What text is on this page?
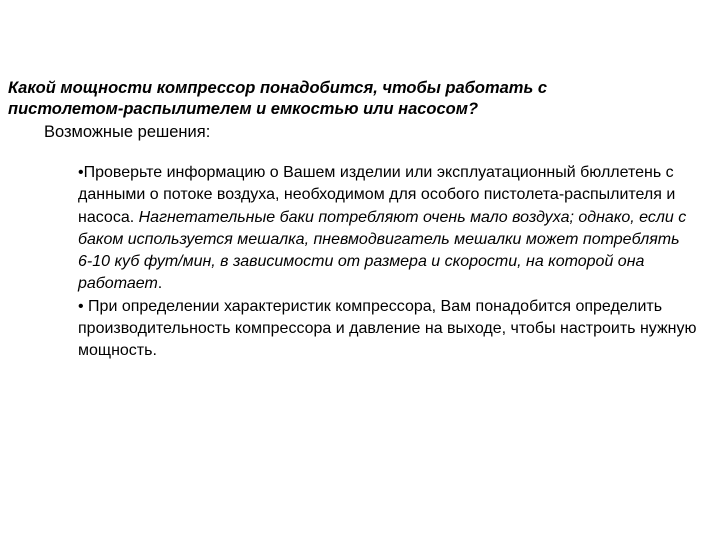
Какой мощности компрессор понадобится, чтобы работать с
пистолетом-распылителем и емкостью или насосом?
Возможные решения:

•Проверьте информацию о Вашем изделии или эксплуатационный бюллетень с данными о потоке воздуха, необходимом для особого пистолета-распылителя и насоса. Нагнетательные баки потребляют очень мало воздуха; однако, если с баком используется мешалка, пневмодвигатель мешалки может потреблять 6-10 куб фут/мин, в зависимости от размера и скорости, на которой она работает.

• При определении характеристик компрессора, Вам понадобится определить производительность компрессора и давление на выходе, чтобы настроить нужную мощность.
